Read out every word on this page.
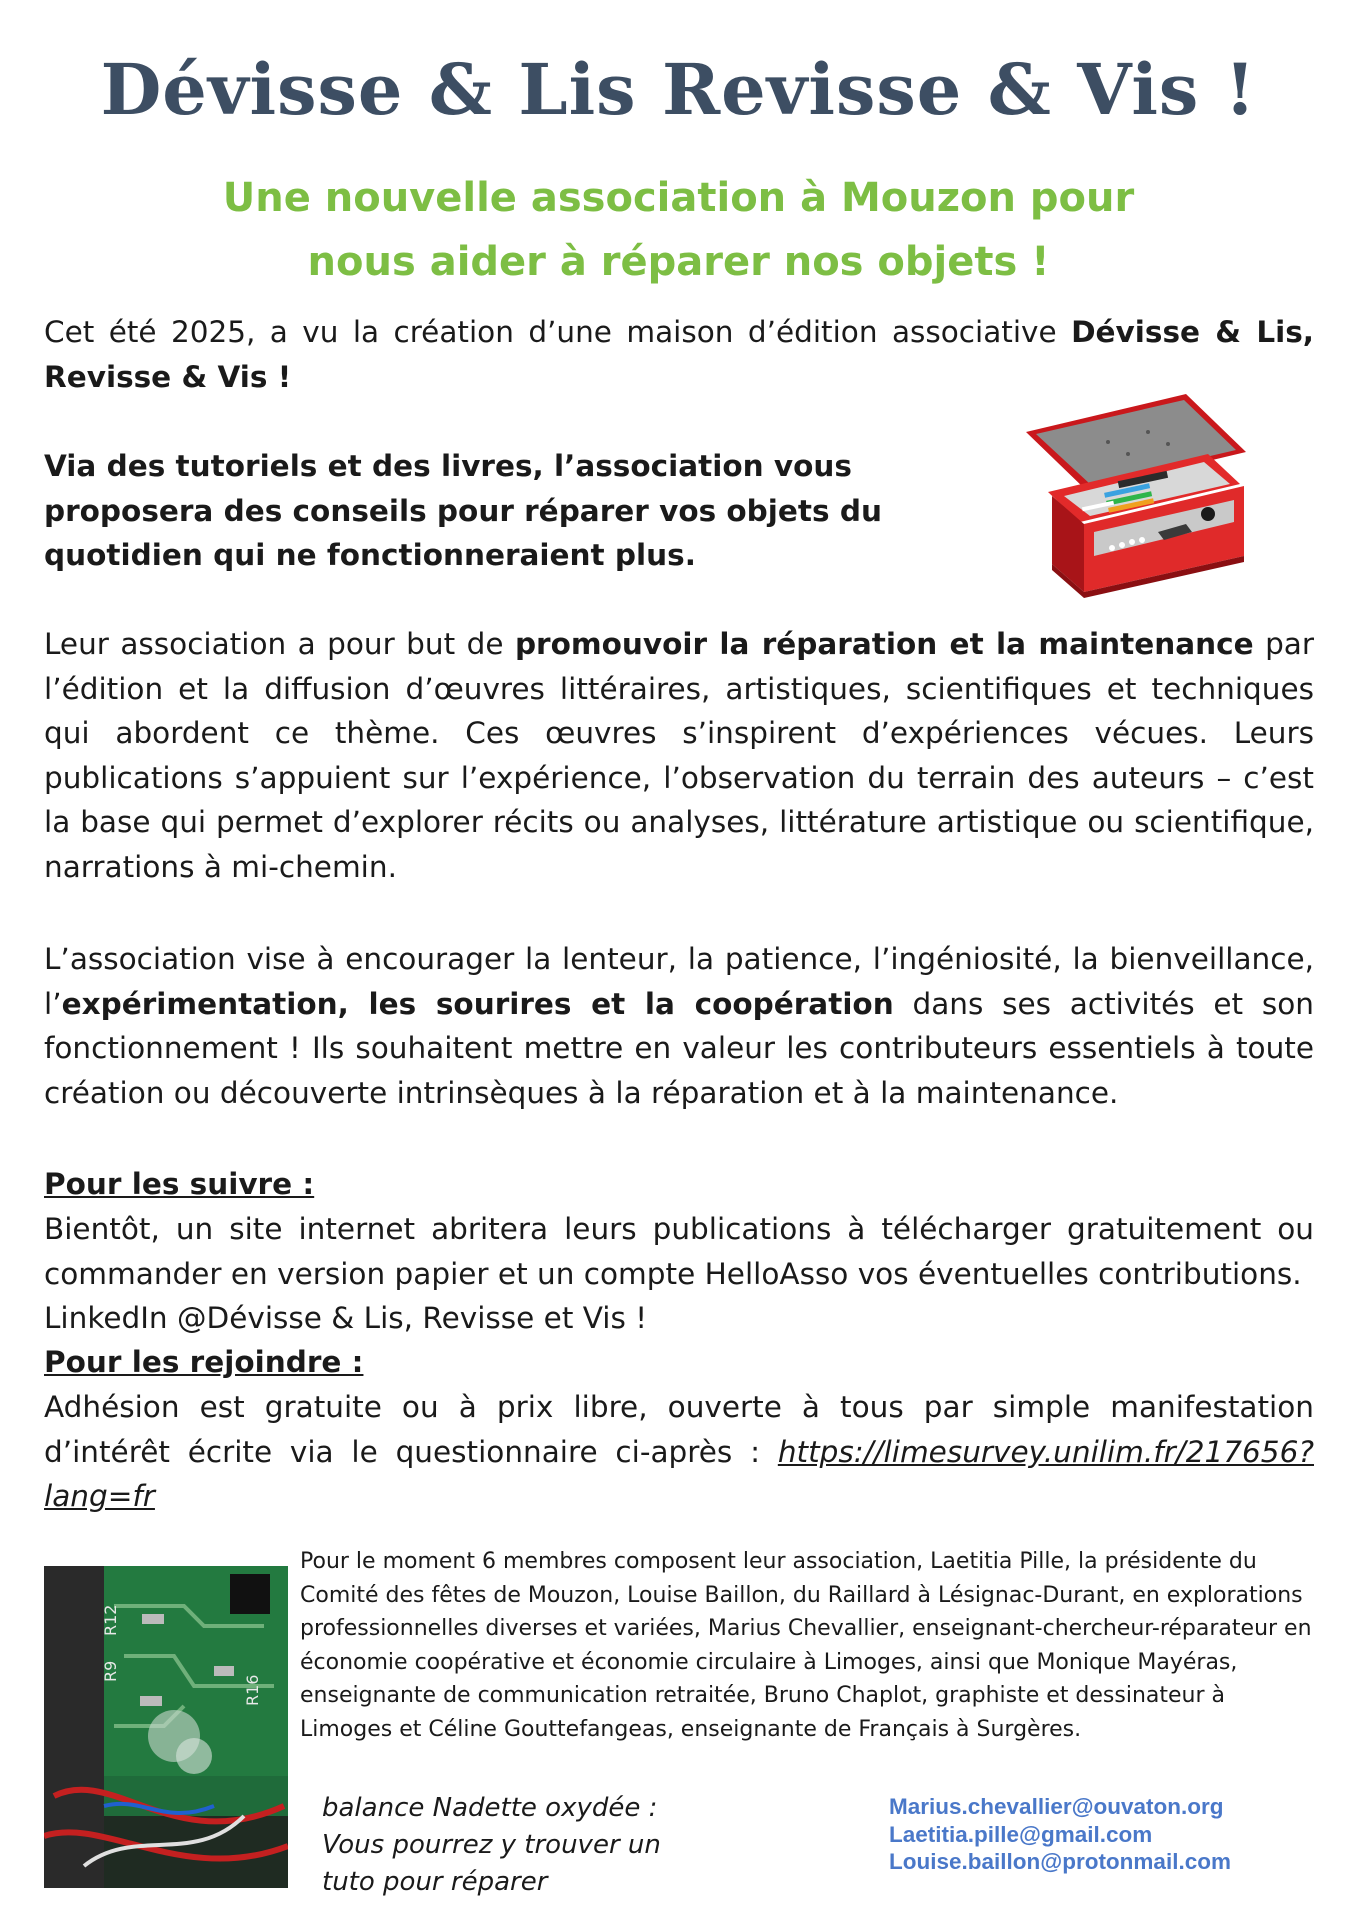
Dévisse & Lis Revisse & Vis !
Une nouvelle association à Mouzon pour
nous aider à réparer nos objets !

Cet été 2025, a vu la création d’une maison d’édition associative Dévisse & Lis, Revisse & Vis !

Via des tutoriels et des livres, l’association vous proposera des conseils pour réparer vos objets du quotidien qui ne fonctionneraient plus.

Leur association a pour but de promouvoir la réparation et la maintenance par l’édition et la diffusion d’œuvres littéraires, artistiques, scientifiques et techniques qui abordent ce thème. Ces œuvres s’inspirent d’expériences vécues. Leurs publications s’appuient sur l’expérience, l’observation du terrain des auteurs – c’est la base qui permet d’explorer récits ou analyses, littérature artistique ou scientifique, narrations à mi-chemin.

L’association vise à encourager la lenteur, la patience, l’ingéniosité, la bienveillance, l’expérimentation, les sourires et la coopération dans ses activités et son fonctionnement ! Ils souhaitent mettre en valeur les contributeurs essentiels à toute création ou découverte intrinsèques à la réparation et à la maintenance.

Pour les suivre :

Bientôt, un site internet abritera leurs publications à télécharger gratuitement ou commander en version papier et un compte HelloAsso vos éventuelles contributions.
LinkedIn @Dévisse & Lis, Revisse et Vis !

Pour les rejoindre :

Adhésion est gratuite ou à prix libre, ouverte à tous par simple manifestation d’intérêt écrite via le questionnaire ci-après : https://limesurvey.unilim.fr/217656?lang=fr

R12
R9
R16

Pour le moment 6 membres composent leur association, Laetitia Pille, la présidente du Comité des fêtes de Mouzon, Louise Baillon, du Raillard à Lésignac-Durant, en explorations professionnelles diverses et variées, Marius Chevallier, enseignant-chercheur-réparateur en économie coopérative et économie circulaire à Limoges, ainsi que Monique Mayéras, enseignante de communication retraitée, Bruno Chaplot, graphiste et dessinateur à Limoges et Céline Gouttefangeas, enseignante de Français à Surgères.

balance Nadette oxydée :
Vous pourrez y trouver un
tuto pour réparer

Marius.chevallier@ouvaton.org
Laetitia.pille@gmail.com
Louise.baillon@protonmail.com
